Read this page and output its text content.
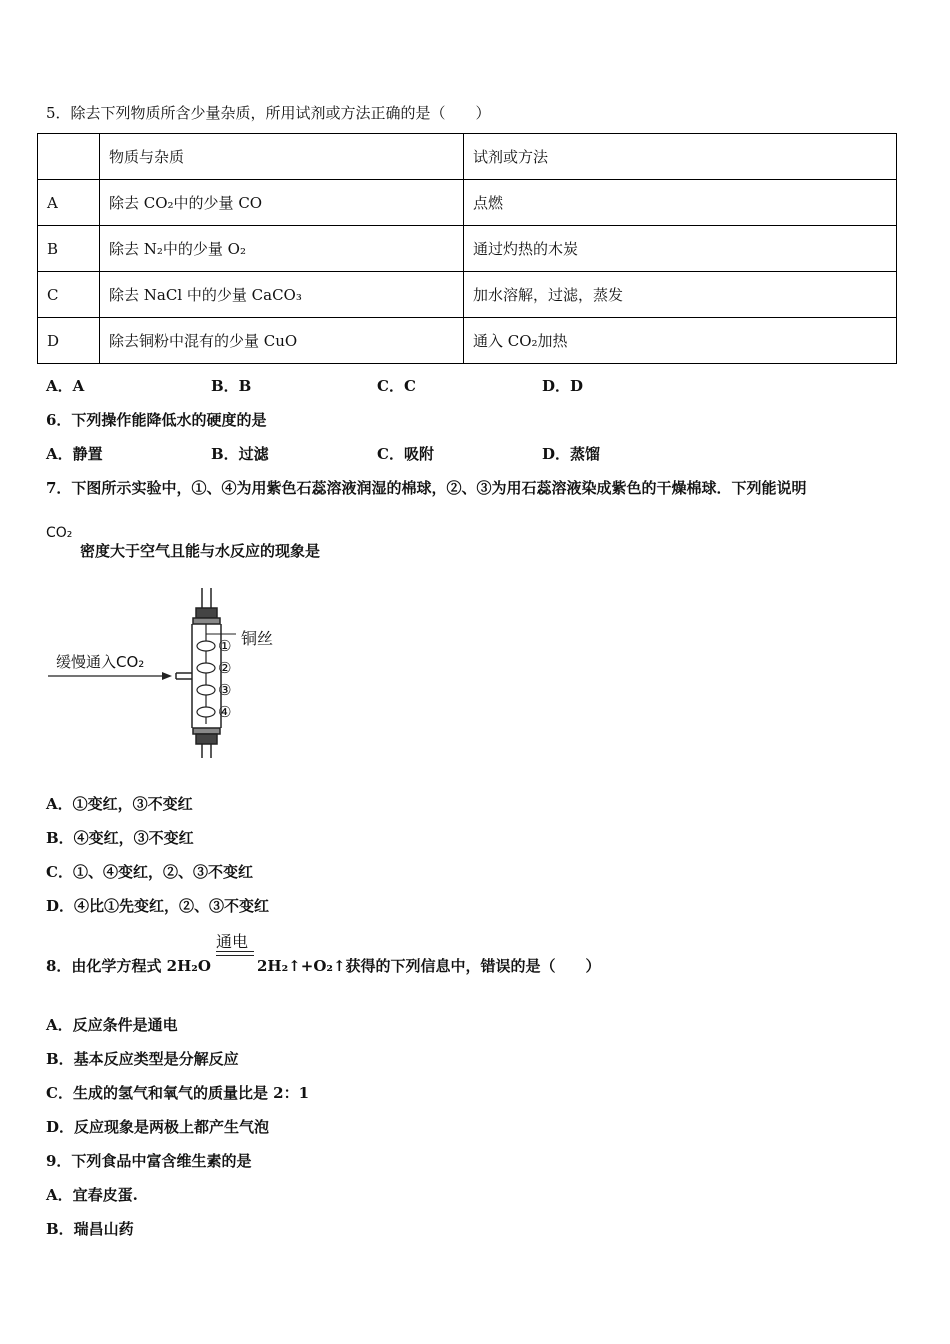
5．除去下列物质所含少量杂质，所用试剂或方法正确的是（　　）
	物质与杂质	试剂或方法
A	除去 CO₂中的少量 CO	点燃
B	除去 N₂中的少量 O₂	通过灼热的木炭
C	除去 NaCl 中的少量 CaCO₃	加水溶解，过滤，蒸发
D	除去铜粉中混有的少量 CuO	通入 CO₂加热
A．A	B．B	C．C	D．D
6．下列操作能降低水的硬度的是
A．静置	B．过滤	C．吸附	D．蒸馏
7．下图所示实验中，①、④为用紫色石蕊溶液润湿的棉球，②、③为用石蕊溶液染成紫色的干燥棉球．下列能说明
CO₂
密度大于空气且能与水反应的现象是
缓慢通入CO₂
铜丝
①
②
③
④
A．①变红，③不变红
B．④变红，③不变红
C．①、④变红，②、③不变红
D．④比①先变红，②、③不变红
8．由化学方程式 2H₂O
通电
2H₂↑+O₂↑获得的下列信息中，错误的是（　　）
A．反应条件是通电
B．基本反应类型是分解反应
C．生成的氢气和氧气的质量比是 2：1
D．反应现象是两极上都产生气泡
9．下列食品中富含维生素的是
A．宜春皮蛋.
B．瑞昌山药
